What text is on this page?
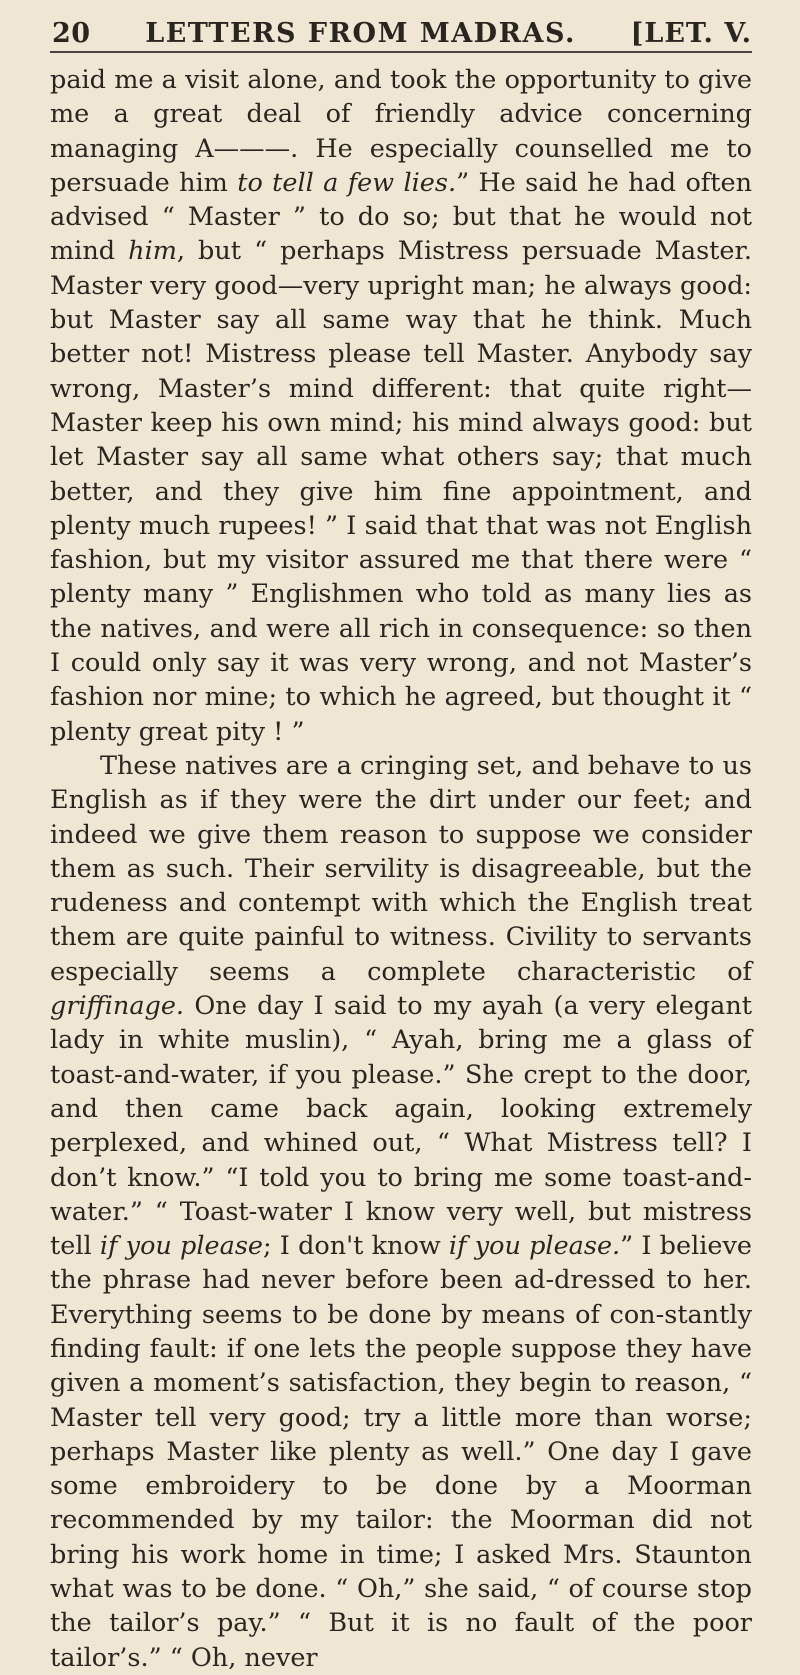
20 LETTERS FROM MADRAS. [LET. V.

paid me a visit alone, and took the opportunity to give me a great deal of friendly advice concerning managing A———. He especially counselled me to persuade him to tell a few lies.” He said he had often advised “ Master ” to do so; but that he would not mind him, but “ perhaps Mistress persuade Master. Master very good—very upright man; he always good: but Master say all same way that he think. Much better not! Mistress please tell Master. Anybody say wrong, Master’s mind different: that quite right—Master keep his own mind; his mind always good: but let Master say all same what others say; that much better, and they give him fine appointment, and plenty much rupees! ” I said that that was not English fashion, but my visitor assured me that there were “ plenty many ” Englishmen who told as many lies as the natives, and were all rich in consequence: so then I could only say it was very wrong, and not Master’s fashion nor mine; to which he agreed, but thought it “ plenty great pity ! ”

These natives are a cringing set, and behave to us English as if they were the dirt under our feet; and indeed we give them reason to suppose we consider them as such. Their servility is disagreeable, but the rudeness and contempt with which the English treat them are quite painful to witness. Civility to servants especially seems a complete characteristic of griffinage. One day I said to my ayah (a very elegant lady in white muslin), “ Ayah, bring me a glass of toast-and-water, if you please.” She crept to the door, and then came back again, looking extremely perplexed, and whined out, “ What Mistress tell? I don’t know.” “I told you to bring me some toast-and-water.” “ Toast-water I know very well, but mistress tell if you please; I don't know if you please.” I believe the phrase had never before been ad-dressed to her. Everything seems to be done by means of con-stantly finding fault: if one lets the people suppose they have given a moment’s satisfaction, they begin to reason, “ Master tell very good; try a little more than worse; perhaps Master like plenty as well.” One day I gave some embroidery to be done by a Moorman recommended by my tailor: the Moorman did not bring his work home in time; I asked Mrs. Staunton what was to be done. “ Oh,” she said, “ of course stop the tailor’s pay.” “ But it is no fault of the poor tailor’s.” “ Oh, never
